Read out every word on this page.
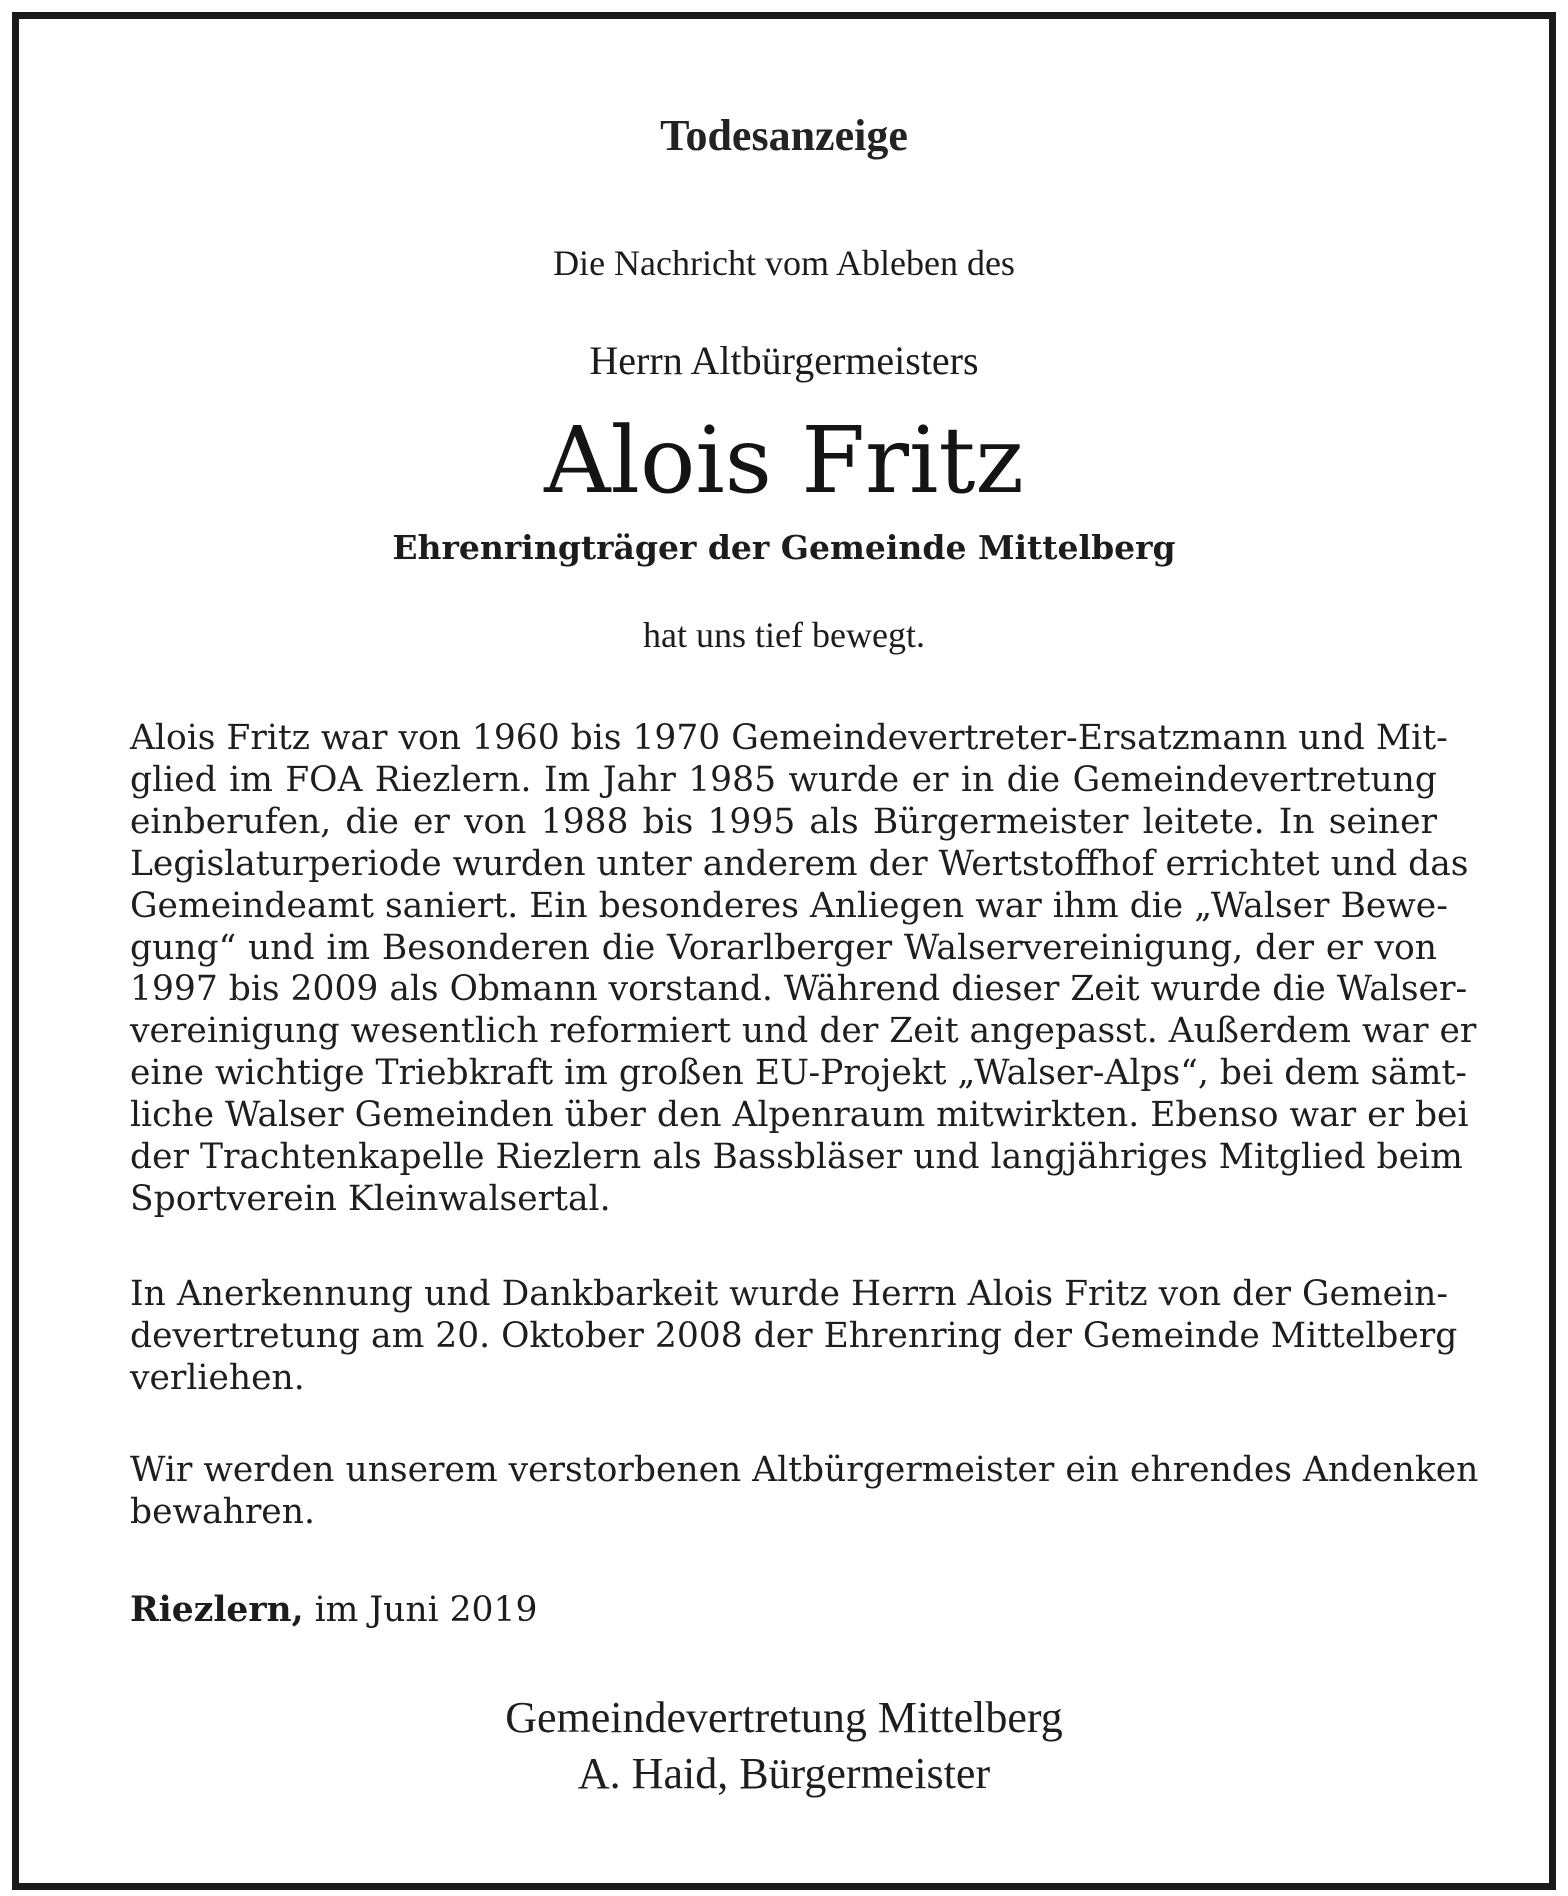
Todesanzeige

Die Nachricht vom Ableben des

Herrn Altbürgermeisters

Alois Fritz

Ehrenringträger der Gemeinde Mittelberg

hat uns tief bewegt.

Alois Fritz war von 1960 bis 1970 Gemeindevertreter-Ersatzmann und Mit-
glied im FOA Riezlern. Im Jahr 1985 wurde er in die Gemeindevertretung
einberufen, die er von 1988 bis 1995 als Bürgermeister leitete. In seiner
Legislaturperiode wurden unter anderem der Wertstoffhof errichtet und das
Gemeindeamt saniert. Ein besonderes Anliegen war ihm die „Walser Bewe-
gung“ und im Besonderen die Vorarlberger Walservereinigung, der er von
1997 bis 2009 als Obmann vorstand. Während dieser Zeit wurde die Walser-
vereinigung wesentlich reformiert und der Zeit angepasst. Außerdem war er
eine wichtige Triebkraft im großen EU-Projekt „Walser-Alps“, bei dem sämt-
liche Walser Gemeinden über den Alpenraum mitwirkten. Ebenso war er bei
der Trachtenkapelle Riezlern als Bassbläser und langjähriges Mitglied beim
Sportverein Kleinwalsertal.
In Anerkennung und Dankbarkeit wurde Herrn Alois Fritz von der Gemein-
devertretung am 20. Oktober 2008 der Ehrenring der Gemeinde Mittelberg
verliehen.
Wir werden unserem verstorbenen Altbürgermeister ein ehrendes Andenken
bewahren.

Riezlern, im Juni 2019

Gemeindevertretung Mittelberg
A. Haid, Bürgermeister
